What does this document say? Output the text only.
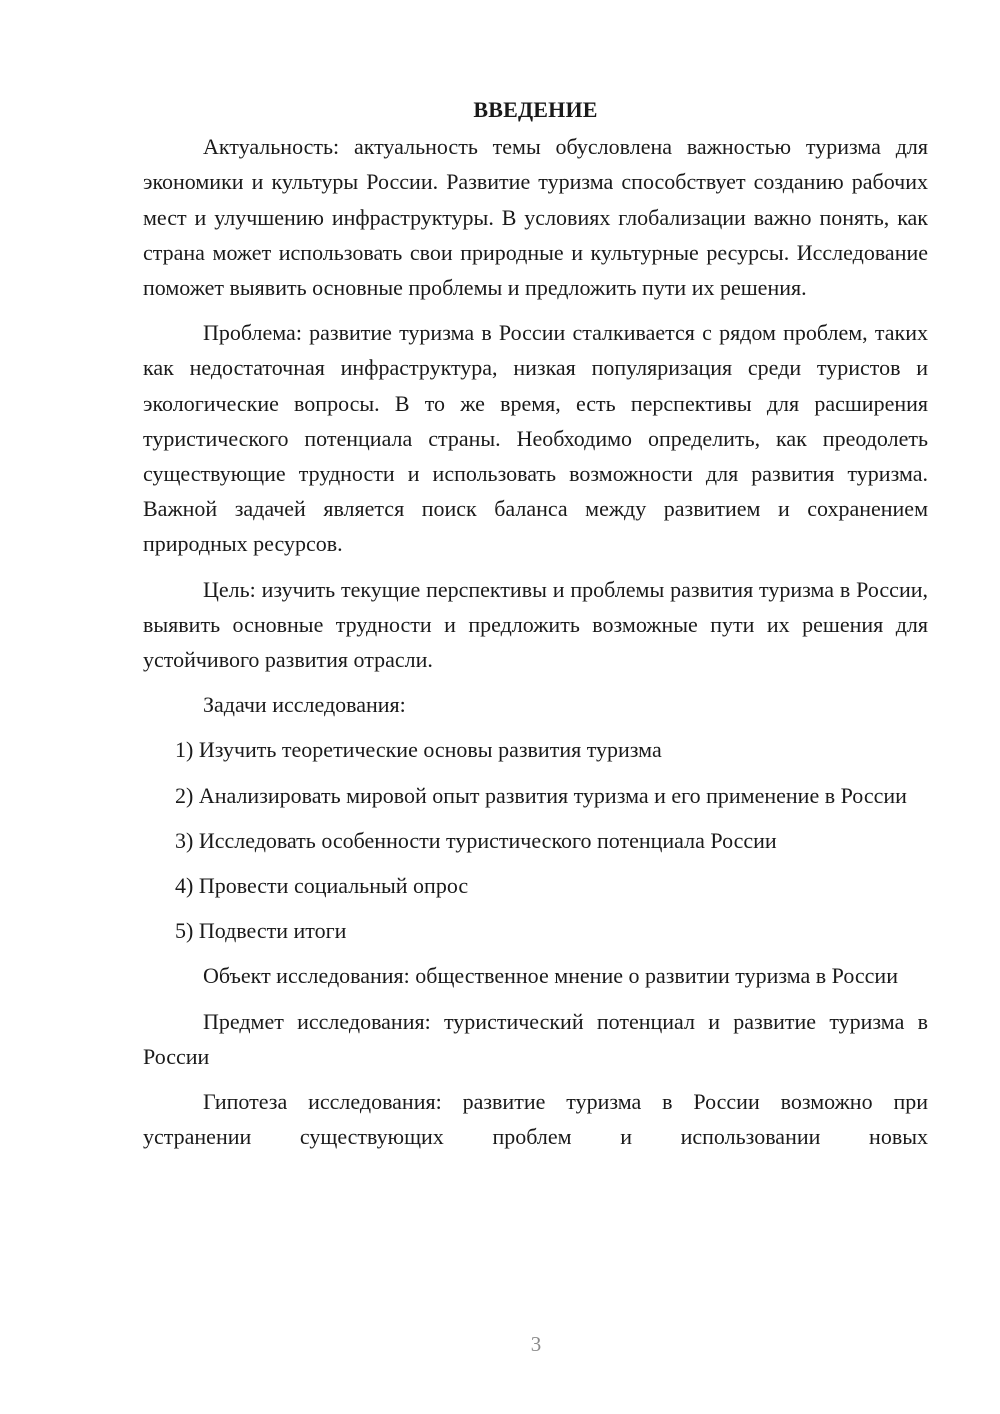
ВВЕДЕНИЕ

Актуальность: актуальность темы обусловлена важностью туризма для экономики и культуры России. Развитие туризма способствует созданию рабочих мест и улучшению инфраструктуры. В условиях глобализации важно понять, как страна может использовать свои природные и культурные ресурсы. Исследование поможет выявить основные проблемы и предложить пути их решения.

Проблема: развитие туризма в России сталкивается с рядом проблем, таких как недостаточная инфраструктура, низкая популяризация среди туристов и экологические вопросы. В то же время, есть перспективы для расширения туристического потенциала страны. Необходимо определить, как преодолеть существующие трудности и использовать возможности для развития туризма. Важной задачей является поиск баланса между развитием и сохранением природных ресурсов.

Цель: изучить текущие перспективы и проблемы развития туризма в России, выявить основные трудности и предложить возможные пути их решения для устойчивого развития отрасли.

Задачи исследования:

1) Изучить теоретические основы развития туризма

2) Анализировать мировой опыт развития туризма и его применение в России

3) Исследовать особенности туристического потенциала России

4) Провести социальный опрос

5) Подвести итоги

Объект исследования: общественное мнение о развитии туризма в России

Предмет исследования: туристический потенциал и развитие туризма в России

Гипотеза исследования: развитие туризма в России возможно при устранении существующих проблем и использовании новых

3
